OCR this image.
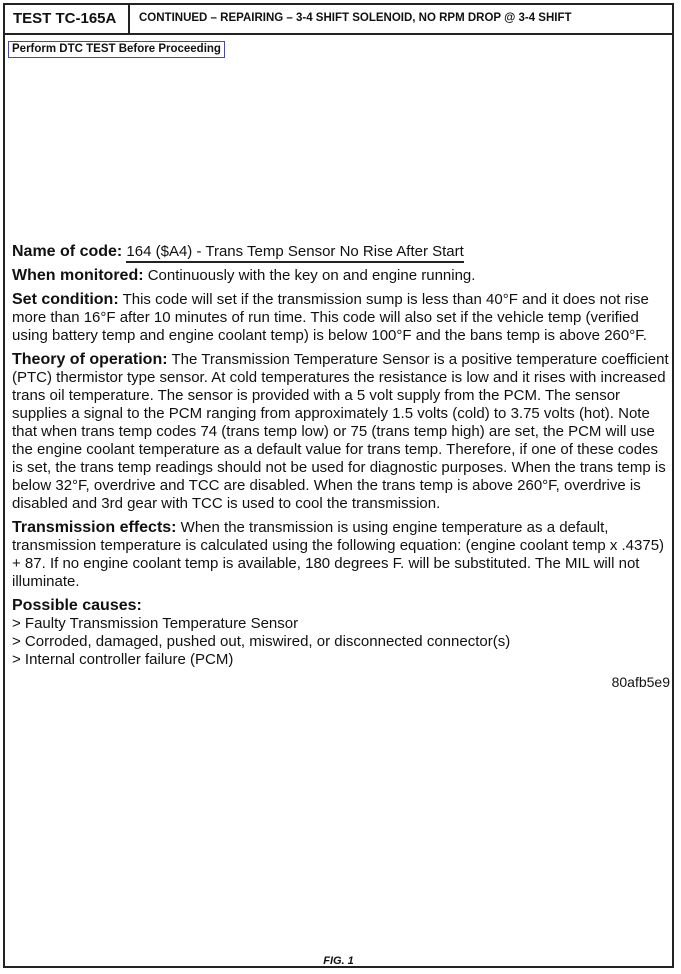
TEST TC-165A	CONTINUED – REPAIRING – 3-4 SHIFT SOLENOID, NO RPM DROP @ 3-4 SHIFT
Perform DTC TEST Before Proceeding

Name of code: 164 ($A4) - Trans Temp Sensor No Rise After Start

When monitored: Continuously with the key on and engine running.

Set condition: This code will set if the transmission sump is less than 40°F and it does not rise more than 16°F after 10 minutes of run time. This code will also set if the vehicle temp (verified using battery temp and engine coolant temp) is below 100°F and the bans temp is above 260°F.

Theory of operation: The Transmission Temperature Sensor is a positive temperature coefficient (PTC) thermistor type sensor. At cold temperatures the resistance is low and it rises with increased trans oil temperature. The sensor is provided with a 5 volt supply from the PCM. The sensor supplies a signal to the PCM ranging from approximately 1.5 volts (cold) to 3.75 volts (hot). Note that when trans temp codes 74 (trans temp low) or 75 (trans temp high) are set, the PCM will use the engine coolant temperature as a default value for trans temp. Therefore, if one of these codes is set, the trans temp readings should not be used for diagnostic purposes. When the trans temp is below 32°F, overdrive and TCC are disabled. When the trans temp is above 260°F, overdrive is disabled and 3rd gear with TCC is used to cool the transmission.

Transmission effects: When the transmission is using engine temperature as a default, transmission temperature is calculated using the following equation: (engine coolant temp x .4375) + 87. If no engine coolant temp is available, 180 degrees F. will be substituted. The MIL will not illuminate.

Possible causes:
> Faulty Transmission Temperature Sensor
> Corroded, damaged, pushed out, miswired, or disconnected connector(s)
> Internal controller failure (PCM)
80afb5e9
FIG. 1
